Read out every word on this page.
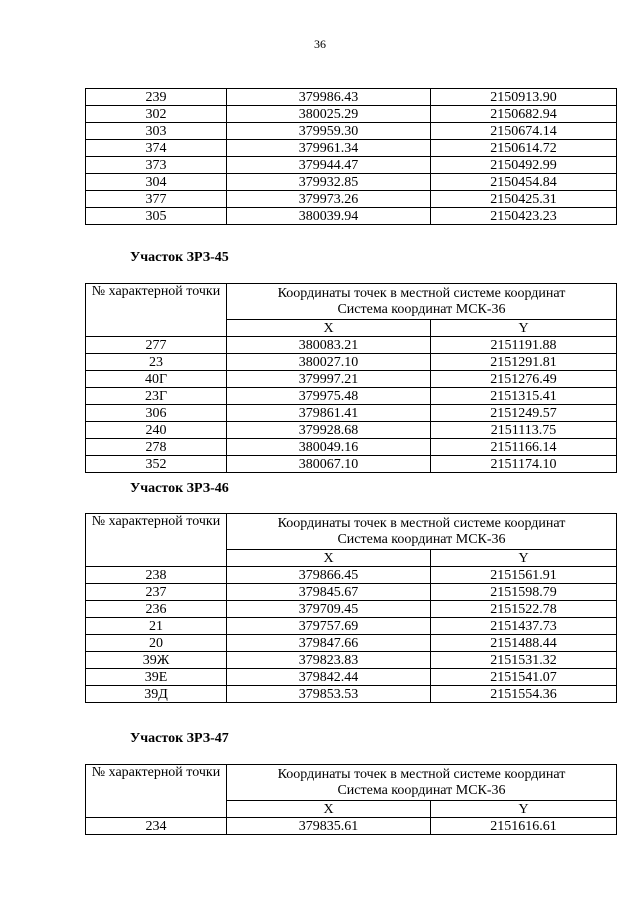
36
239	379986.43	2150913.90
302	380025.29	2150682.94
303	379959.30	2150674.14
374	379961.34	2150614.72
373	379944.47	2150492.99
304	379932.85	2150454.84
377	379973.26	2150425.31
305	380039.94	2150423.23
Участок ЗРЗ-45
№ характерной точки	Координаты точек в местной системе координат
Система координат МСК-36	

	X	Y
277	380083.21	2151191.88
23	380027.10	2151291.81
40Г	379997.21	2151276.49
23Г	379975.48	2151315.41
306	379861.41	2151249.57
240	379928.68	2151113.75
278	380049.16	2151166.14
352	380067.10	2151174.10
Участок ЗРЗ-46
№ характерной точки	Координаты точек в местной системе координат
Система координат МСК-36	

	X	Y
238	379866.45	2151561.91
237	379845.67	2151598.79
236	379709.45	2151522.78
21	379757.69	2151437.73
20	379847.66	2151488.44
39Ж	379823.83	2151531.32
39Е	379842.44	2151541.07
39Д	379853.53	2151554.36
Участок ЗРЗ-47
№ характерной точки	Координаты точек в местной системе координат
Система координат МСК-36	

	X	Y
234	379835.61	2151616.61
